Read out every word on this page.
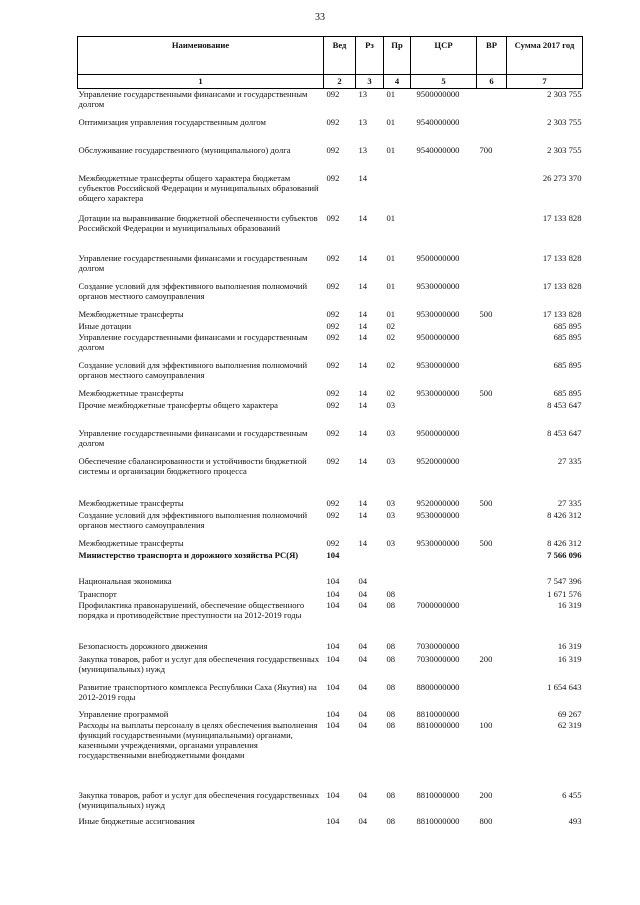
33
Наименование	Вед	Рз	Пр	ЦСР	ВР	Сумма 2017 год
1	2	3	4	5	6	7
Управление государственными финансами и государственным долгом	092	13	01	9500000000		2 303 755
Оптимизация управления государственным долгом	092	13	01	9540000000		2 303 755
Обслуживание государственного (муниципального) долга	092	13	01	9540000000	700	2 303 755
Межбюджетные трансферты общего характера бюджетам субъектов Российской Федерации и муниципальных образований общего характера	092	14				26 273 370
Дотации на выравнивание бюджетной обеспеченности субъектов Российской Федерации и муниципальных образований	092	14	01			17 133 828
Управление государственными финансами и государственным долгом	092	14	01	9500000000		17 133 828
Создание условий для эффективного выполнения полномочий органов местного самоуправления	092	14	01	9530000000		17 133 828
Межбюджетные трансферты	092	14	01	9530000000	500	17 133 828
Иные дотации	092	14	02			685 895
Управление государственными финансами и государственным долгом	092	14	02	9500000000		685 895
Создание условий для эффективного выполнения полномочий органов местного самоуправления	092	14	02	9530000000		685 895
Межбюджетные трансферты	092	14	02	9530000000	500	685 895
Прочие межбюджетные трансферты общего характера	092	14	03			8 453 647
Управление государственными финансами и государственным долгом	092	14	03	9500000000		8 453 647
Обеспечение сбалансированности и устойчивости бюджетной системы и организации бюджетного процесса	092	14	03	9520000000		27 335
Межбюджетные трансферты	092	14	03	9520000000	500	27 335
Создание условий для эффективного выполнения полномочий органов местного самоуправления	092	14	03	9530000000		8 426 312
Межбюджетные трансферты	092	14	03	9530000000	500	8 426 312
Министерство транспорта и дорожного хозяйства РС(Я)	104					7 566 096
Национальная экономика	104	04				7 547 396
Транспорт	104	04	08			1 671 576
Профилактика правонарушений, обеспечение общественного порядка и противодействие преступности на 2012-2019 годы	104	04	08	7000000000		16 319
Безопасность дорожного движения	104	04	08	7030000000		16 319
Закупка товаров, работ и услуг для обеспечения государственных (муниципальных) нужд	104	04	08	7030000000	200	16 319
Развитие транспортного комплекса Республики Саха (Якутия) на 2012-2019 годы	104	04	08	8800000000		1 654 643
Управление программой	104	04	08	8810000000		69 267
Расходы на выплаты персоналу в целях обеспечения выполнения функций государственными (муниципальными) органами, казенными учреждениями, органами управления государственными внебюджетными фондами	104	04	08	8810000000	100	62 319
Закупка товаров, работ и услуг для обеспечения государственных (муниципальных) нужд	104	04	08	8810000000	200	6 455
Иные бюджетные ассигнования	104	04	08	8810000000	800	493
